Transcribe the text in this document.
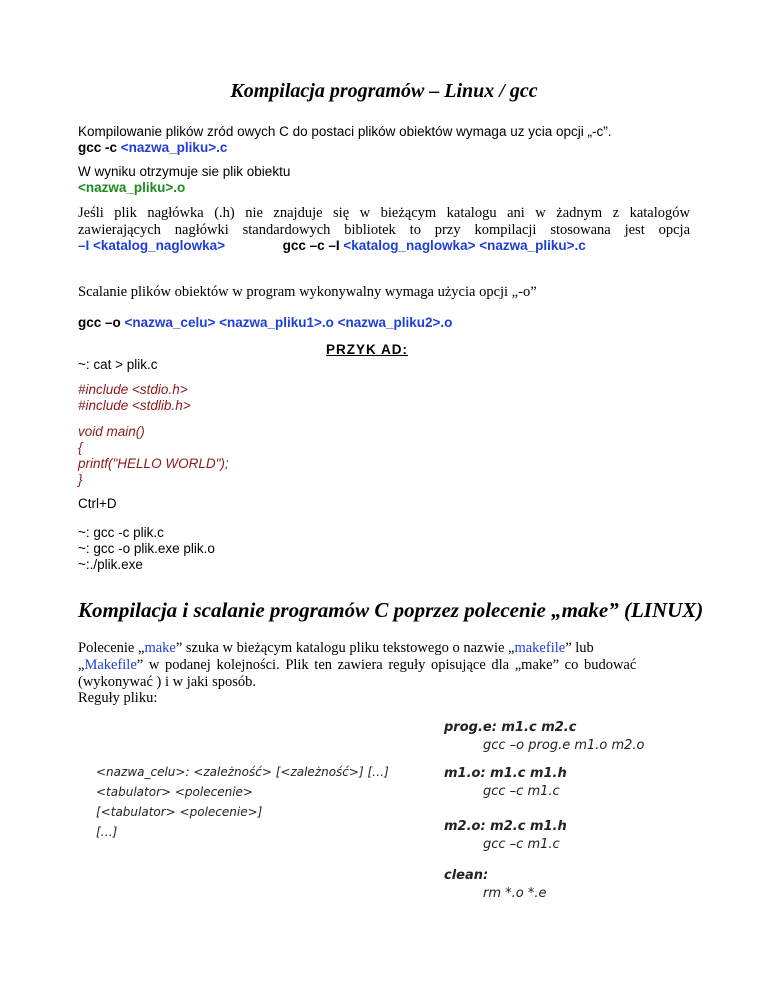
Kompilacja programów – Linux / gcc
Kompilowanie plików zród owych C do postaci plików obiektów wymaga uz ycia opcji „-c”.
gcc -c <nazwa_pliku>.c
W wyniku otrzymuje sie plik obiektu
<nazwa_pliku>.o
Jeśli plik nagłówka (.h) nie znajduje się w bieżącym katalogu ani w żadnym z katalogów
zawierających nagłówki standardowych bibliotek to przy kompilacji stosowana jest opcja
–I <katalog_naglowka>	gcc –c –I <katalog_naglowka> <nazwa_pliku>.c
Scalanie plików obiektów w program wykonywalny wymaga użycia opcji „-o”
gcc –o <nazwa_celu> <nazwa_pliku1>.o <nazwa_pliku2>.o
PRZYK AD:
~: cat > plik.c
#include <stdio.h>
#include <stdlib.h>
void main()
{
printf("HELLO WORLD");
}
Ctrl+D
~: gcc -c plik.c
~: gcc -o plik.exe plik.o
~:./plik.exe
Kompilacja i scalanie programów C poprzez polecenie „make” (LINUX)
Polecenie „make” szuka w bieżącym katalogu pliku tekstowego o nazwie „makefile” lub
„Makefile” w podanej kolejności. Plik ten zawiera reguły opisujące dla „make” co budować
(wykonywać ) i w jaki sposób.
Reguły pliku:
<nazwa_celu>: <zależność> [<zależność>] […]
<tabulator> <polecenie>
[<tabulator> <polecenie>]
[…]
prog.e: m1.c m2.c
gcc –o prog.e m1.o m2.o
m1.o: m1.c m1.h
gcc –c m1.c
m2.o: m2.c m1.h
gcc –c m1.c
clean:
rm *.o *.e
